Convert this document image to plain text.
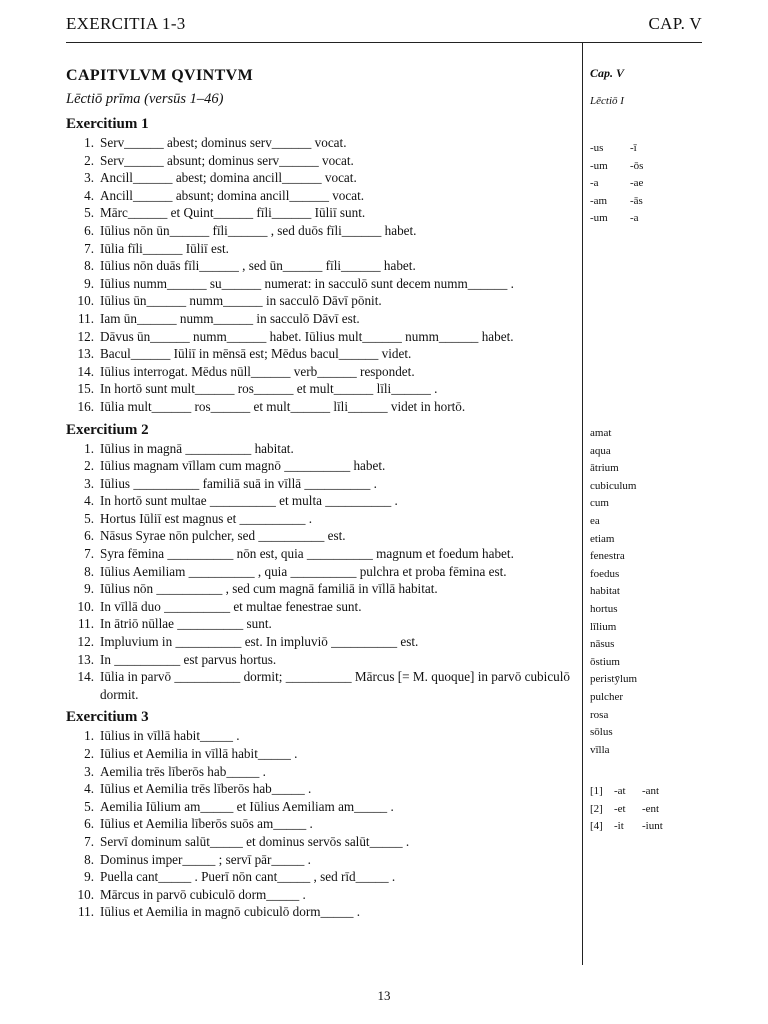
EXERCITIA 1-3	CAP. V
CAPITVLVM QVINTVM
Lēctiō prīma (versūs 1–46)
Exercitium 1
1. Serv______ abest; dominus serv______ vocat.
2. Serv______ absunt; dominus serv______ vocat.
3. Ancill______ abest; domina ancill______ vocat.
4. Ancill______ absunt; domina ancill______ vocat.
5. Mārc______ et Quint______ fīli______ Iūliī sunt.
6. Iūlius nōn ūn______ fīli______ , sed duōs fīli______ habet.
7. Iūlia fīli______ Iūliī est.
8. Iūlius nōn duās fīli______ , sed ūn______ fīli______ habet.
9. Iūlius numm______ su______ numerat: in sacculō sunt decem numm______ .
10. Iūlius ūn______ numm______ in sacculō Dāvī pōnit.
11. Iam ūn______ numm______ in sacculō Dāvī est.
12. Dāvus ūn______ numm______ habet. Iūlius mult______ numm______ habet.
13. Bacul______ Iūliī in mēnsā est; Mēdus bacul______ videt.
14. Iūlius interrogat. Mēdus nūll______ verb______ respondet.
15. In hortō sunt mult______ ros______ et mult______ līli______ .
16. Iūlia mult______ ros______ et mult______ līli______ videt in hortō.
Exercitium 2
1. Iūlius in magnā __________ habitat.
2. Iūlius magnam vīllam cum magnō __________ habet.
3. Iūlius __________ familiā suā in vīllā __________ .
4. In hortō sunt multae __________ et multa __________ .
5. Hortus Iūliī est magnus et __________ .
6. Nāsus Syrae nōn pulcher, sed __________ est.
7. Syra fēmina __________ nōn est, quia __________ magnum et foedum habet.
8. Iūlius Aemiliam __________ , quia __________ pulchra et proba fēmina est.
9. Iūlius nōn __________ , sed cum magnā familiā in vīllā habitat.
10. In vīllā duo __________ et multae fenestrae sunt.
11. In ātriō nūllae __________ sunt.
12. Impluvium in __________ est. In impluviō __________ est.
13. In __________ est parvus hortus.
14. Iūlia in parvō __________ dormit; __________ Mārcus [= M. quoque] in parvō cubiculō dormit.
Exercitium 3
1. Iūlius in vīllā habit_____ .
2. Iūlius et Aemilia in vīllā habit_____ .
3. Aemilia trēs līberōs hab_____ .
4. Iūlius et Aemilia trēs līberōs hab_____ .
5. Aemilia Iūlium am_____ et Iūlius Aemiliam am_____ .
6. Iūlius et Aemilia līberōs suōs am_____ .
7. Servī dominum salūt_____ et dominus servōs salūt_____ .
8. Dominus imper_____ ; servī pār_____ .
9. Puella cant_____ . Puerī nōn cant_____ , sed rīd_____ .
10. Mārcus in parvō cubiculō dorm_____ .
11. Iūlius et Aemilia in magnō cubiculō dorm_____ .
Cap. V
Lēctiō I
-us	-ī
-um	-ōs
-a	-ae
-am	-ās
-um	-a
amat
aqua
ātrium
cubiculum
cum
ea
etiam
fenestra
foedus
habitat
hortus
līlium
nāsus
ōstium
peristȳlum
pulcher
rosa
sōlus
vīlla
[1]	-at	-ant
[2]	-et	-ent
[4]	-it	-iunt
13
